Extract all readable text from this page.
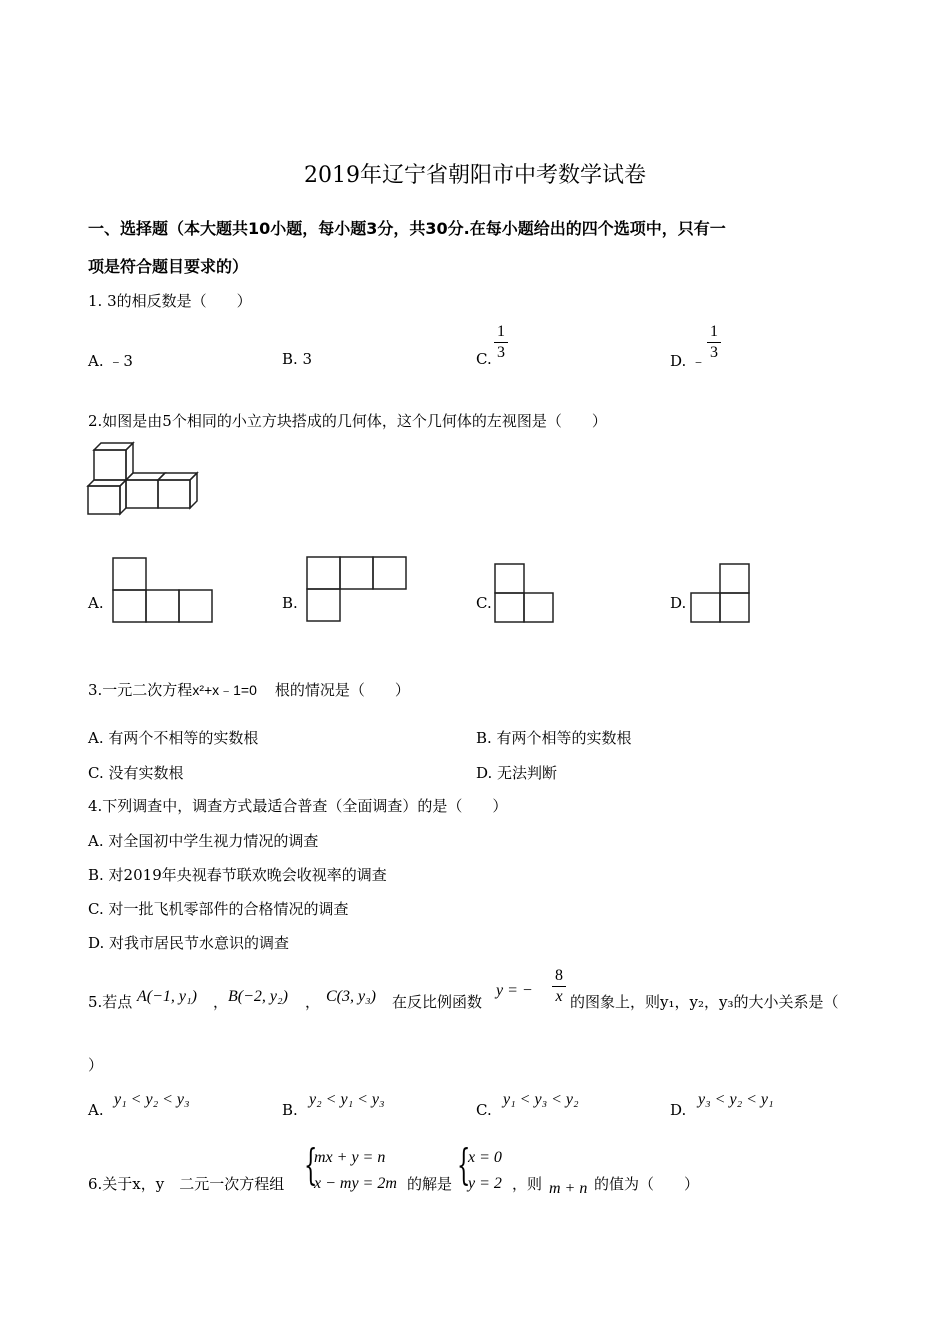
2019年辽宁省朝阳市中考数学试卷
一、选择题（本大题共10小题，每小题3分，共30分.在每小题给出的四个选项中，只有一
项是符合题目要求的）
1. 3的相反数是（　　）
A. ﹣3	B. 3	C.
1
3	D. ﹣
1
3
2.如图是由5个相同的小立方块搭成的几何体，这个几何体的左视图是（　　）
A.	B.	C.	D.
3.一元二次方程x²+x﹣1=0 根的情况是（　　）
A. 有两个不相等的实数根	B. 有两个相等的实数根
C. 没有实数根	D. 无法判断
4.下列调查中，调查方式最适合普查（全面调查）的是（　　）
A. 对全国初中学生视力情况的调查
B. 对2019年央视春节联欢晚会收视率的调查
C. 对一批飞机零部件的合格情况的调查
D. 对我市居民节水意识的调查
5.若点 A(−1, y₁) ， B(−2, y₂) ， C(3, y₃) 在反比例函数
y = −
8
x 的图象上，则y₁，y₂，y₃的大小关系是（
）
A.
y₁ < y₂ < y₃
B.
y₂ < y₁ < y₃
C.
y₁ < y₃ < y₂
D.
y₃ < y₂ < y₁
6.关于x，y　二元一次方程组 {
mx + y = n
x − my = 2m 的解是 {
x = 0
y = 2 ，则 m + n 的值为（　　）
